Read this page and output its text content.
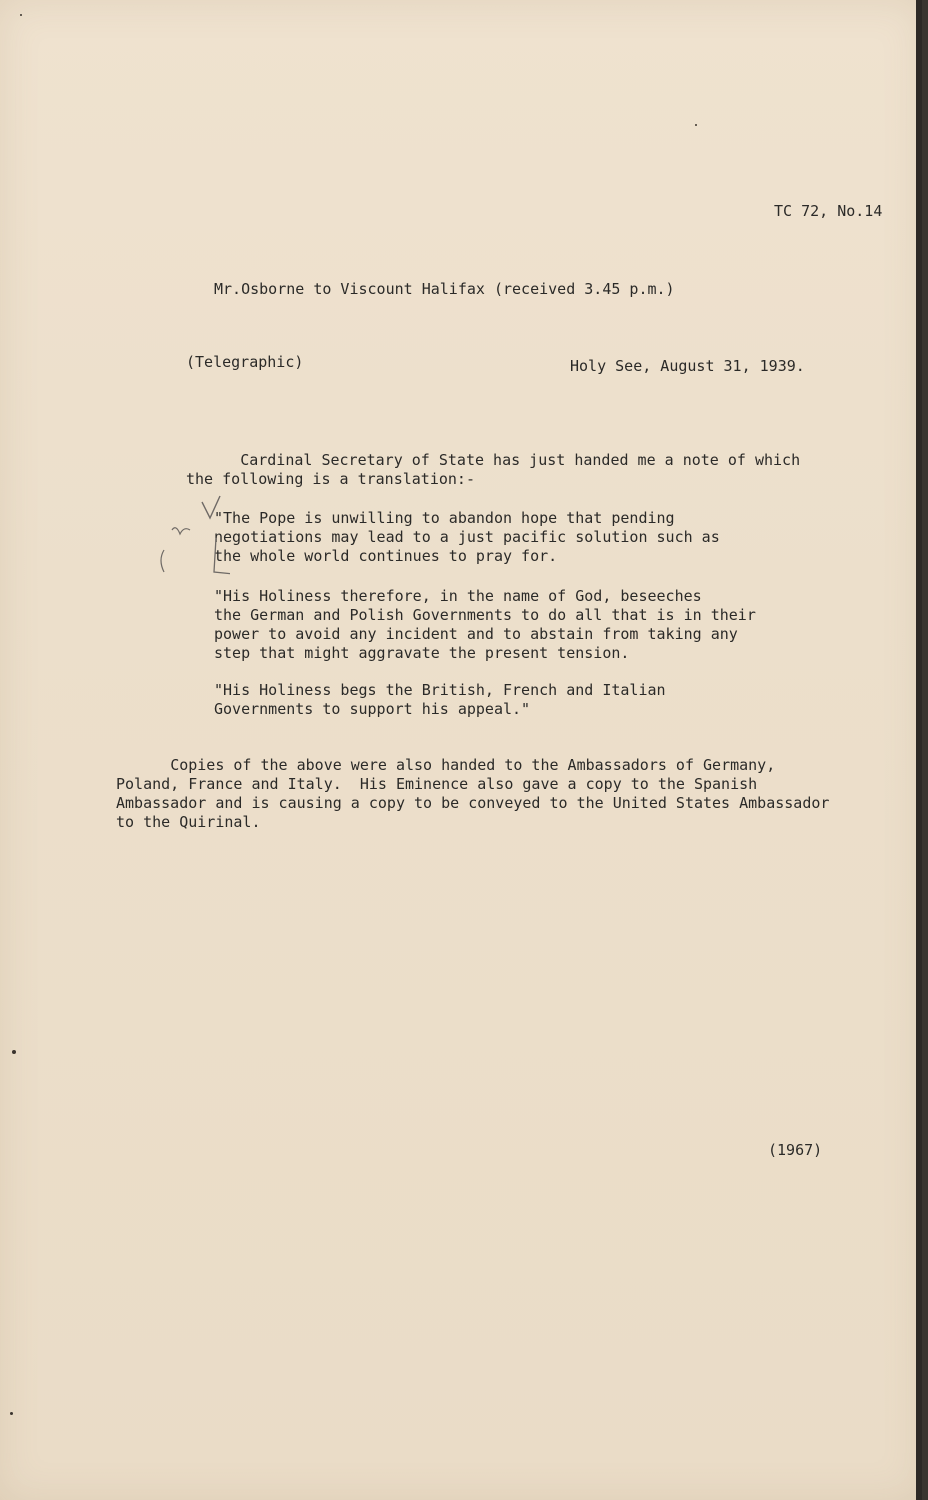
TC 72, No.14
Mr.Osborne to Viscount Halifax (received 3.45 p.m.)
(Telegraphic)	Holy See, August 31, 1939.
Cardinal Secretary of State has just handed me a note of which
the following is a translation:-
"The Pope is unwilling to abandon hope that pending
negotiations may lead to a just pacific solution such as
the whole world continues to pray for.
"His Holiness therefore, in the name of God, beseeches
the German and Polish Governments to do all that is in their
power to avoid any incident and to abstain from taking any
step that might aggravate the present tension.
"His Holiness begs the British, French and Italian
Governments to support his appeal."
Copies of the above were also handed to the Ambassadors of Germany,
Poland, France and Italy.  His Eminence also gave a copy to the Spanish
Ambassador and is causing a copy to be conveyed to the United States Ambassador
to the Quirinal.
(1967)
